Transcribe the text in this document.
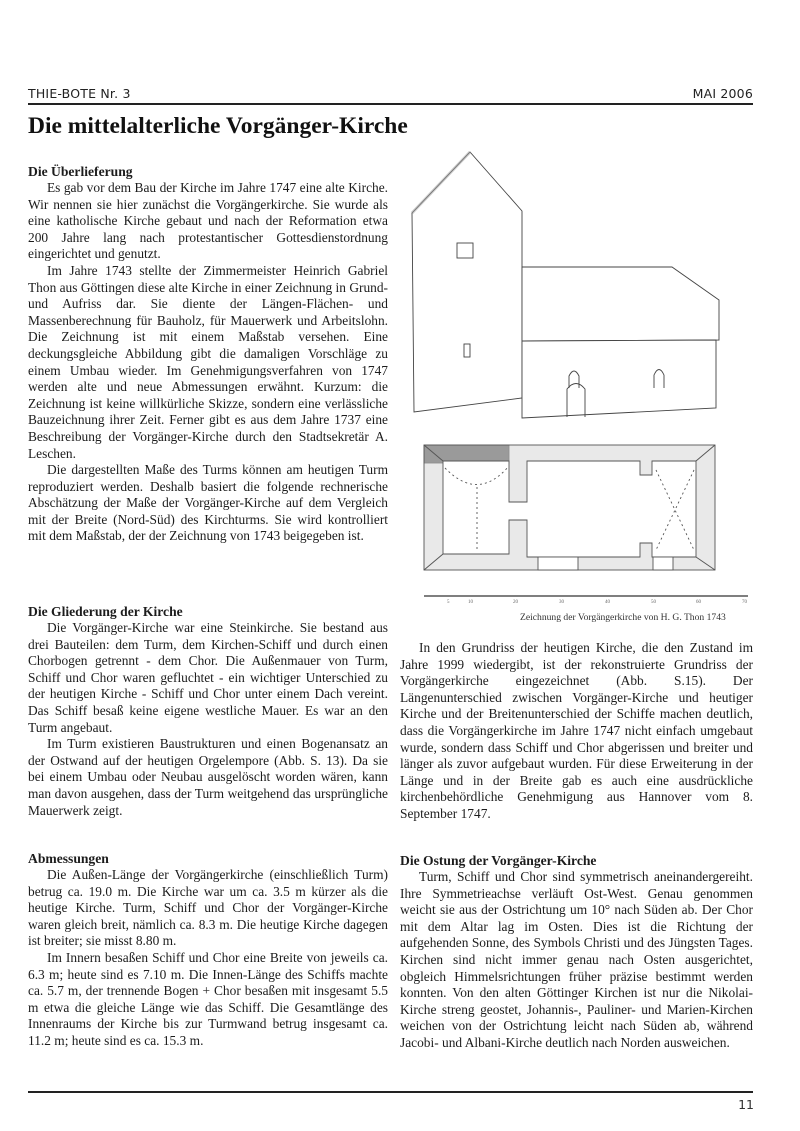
THIE-BOTE Nr. 3	MAI 2006
Die mittelalterliche Vorgänger-Kirche
Die Überlieferung

Es gab vor dem Bau der Kirche im Jahre 1747 eine alte Kirche. Wir nennen sie hier zunächst die Vorgängerkirche. Sie wurde als eine katholische Kirche gebaut und nach der Reformation etwa 200 Jahre lang nach protestantischer Gottesdienstordnung eingerichtet und genutzt.

Im Jahre 1743 stellte der Zimmermeister Heinrich Gabriel Thon aus Göttingen diese alte Kirche in einer Zeichnung in Grund- und Aufriss dar. Sie diente der Längen-Flächen- und Massenberechnung für Bauholz, für Mauerwerk und Arbeitslohn. Die Zeichnung ist mit einem Maßstab versehen. Eine deckungsgleiche Abbildung gibt die damaligen Vorschläge zu einem Umbau wieder. Im Genehmigungsverfahren von 1747 werden alte und neue Abmessungen erwähnt. Kurzum: die Zeichnung ist keine willkürliche Skizze, sondern eine verlässliche Bauzeichnung ihrer Zeit. Ferner gibt es aus dem Jahre 1737 eine Beschreibung der Vorgänger-Kirche durch den Stadtsekretär A. Leschen.

Die dargestellten Maße des Turms können am heutigen Turm reproduziert werden. Deshalb basiert die folgende rechnerische Abschätzung der Maße der Vorgänger-Kirche auf dem Vergleich mit der Breite (Nord-Süd) des Kirchturms. Sie wird kontrolliert mit dem Maßstab, der der Zeichnung von 1743 beigegeben ist.

Die Gliederung der Kirche

Die Vorgänger-Kirche war eine Steinkirche. Sie bestand aus drei Bauteilen: dem Turm, dem Kirchen-Schiff und durch einen Chorbogen getrennt - dem Chor. Die Außenmauer von Turm, Schiff und Chor waren gefluchtet - ein wichtiger Unterschied zu der heutigen Kirche - Schiff und Chor unter einem Dach vereint. Das Schiff besaß keine eigene westliche Mauer. Es war an den Turm angebaut.

Im Turm existieren Baustrukturen und einen Bogenansatz an der Ostwand auf der heutigen Orgelempore (Abb. S. 13). Da sie bei einem Umbau oder Neubau ausgelöscht worden wären, kann man davon ausgehen, dass der Turm weitgehend das ursprüngliche Mauerwerk zeigt.

Abmessungen

Die Außen-Länge der Vorgängerkirche (einschließlich Turm) betrug ca. 19.0 m. Die Kirche war um ca. 3.5 m kürzer als die heutige Kirche. Turm, Schiff und Chor der Vorgänger-Kirche waren gleich breit, nämlich ca. 8.3 m. Die heutige Kirche dagegen ist breiter; sie misst 8.80 m.

Im Innern besaßen Schiff und Chor eine Breite von jeweils ca. 6.3 m; heute sind es 7.10 m. Die Innen-Länge des Schiffs machte ca. 5.7 m, der trennende Bogen + Chor besaßen mit insgesamt 5.5 m etwa die gleiche Länge wie das Schiff. Die Gesamtlänge des Innenraums der Kirche bis zur Turmwand betrug insgesamt ca. 11.2 m; heute sind es ca. 15.3 m.

5	10	20	30	40	50	60	70
Zeichnung der Vorgängerkirche von H. G. Thon 1743

In den Grundriss der heutigen Kirche, die den Zustand im Jahre 1999 wiedergibt, ist der rekonstruierte Grundriss der Vorgängerkirche eingezeichnet (Abb. S.15). Der Längenunterschied zwischen Vorgänger-Kirche und heutiger Kirche und der Breitenunterschied der Schiffe machen deutlich, dass die Vorgängerkirche im Jahre 1747 nicht einfach umgebaut wurde, sondern dass Schiff und Chor abgerissen und breiter und länger als zuvor aufgebaut wurden. Für diese Erweiterung in der Länge und in der Breite gab es auch eine ausdrückliche kirchenbehördliche Genehmigung aus Hannover vom 8. September 1747.

Die Ostung der Vorgänger-Kirche

Turm, Schiff und Chor sind symmetrisch aneinandergereiht. Ihre Symmetrieachse verläuft Ost-West. Genau genommen weicht sie aus der Ostrichtung um 10° nach Süden ab. Der Chor mit dem Altar lag im Osten. Dies ist die Richtung der aufgehenden Sonne, des Symbols Christi und des Jüngsten Tages. Kirchen sind nicht immer genau nach Osten ausgerichtet, obgleich Himmelsrichtungen früher präzise bestimmt werden konnten. Von den alten Göttinger Kirchen ist nur die Nikolai-Kirche streng geostet, Johannis-, Pauliner- und Marien-Kirchen weichen von der Ostrichtung leicht nach Süden ab, während Jacobi- und Albani-Kirche deutlich nach Norden ausweichen.

11
